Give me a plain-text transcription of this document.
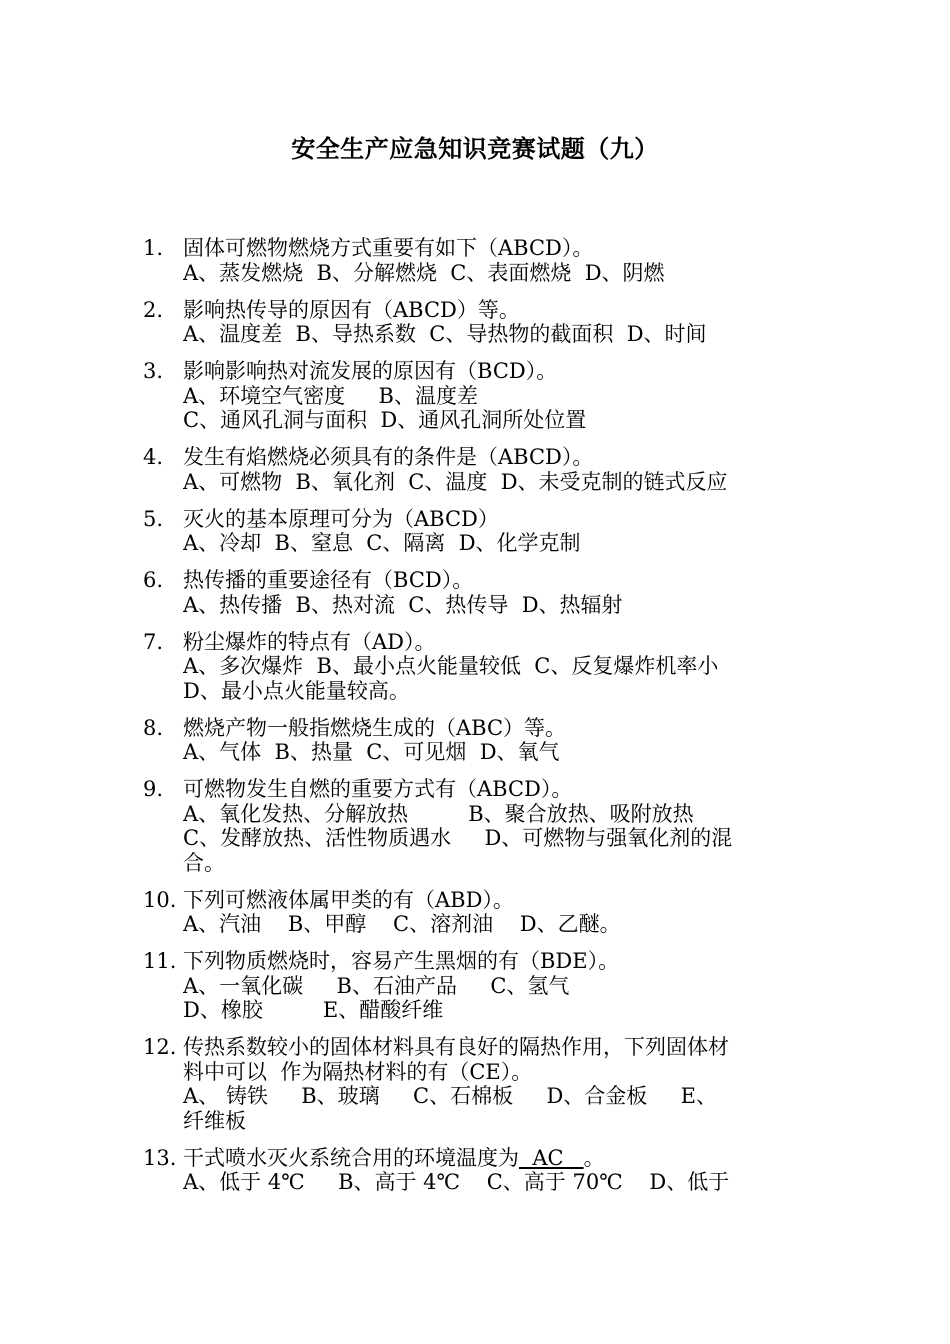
安全生产应急知识竞赛试题（九）
1. 固体可燃物燃烧方式重要有如下（ABCD）。
A、蒸发燃烧  B、分解燃烧  C、表面燃烧  D、阴燃
2. 影响热传导的原因有（ABCD）等。
A、温度差  B、导热系数  C、导热物的截面积  D、时间
3. 影响影响热对流发展的原因有（BCD）。
A、环境空气密度     B、温度差
C、通风孔洞与面积  D、通风孔洞所处位置
4. 发生有焰燃烧必须具有的条件是（ABCD）。
A、可燃物  B、氧化剂  C、温度  D、未受克制的链式反应
5. 灭火的基本原理可分为（ABCD）
A、冷却  B、窒息  C、隔离  D、化学克制
6. 热传播的重要途径有（BCD）。
A、热传播  B、热对流  C、热传导  D、热辐射
7. 粉尘爆炸的特点有（AD）。
A、多次爆炸  B、最小点火能量较低  C、反复爆炸机率小
D、最小点火能量较高。
8. 燃烧产物一般指燃烧生成的（ABC）等。
A、气体  B、热量  C、可见烟  D、氧气
9. 可燃物发生自燃的重要方式有（ABCD）。
A、氧化发热、分解放热         B、聚合放热、吸附放热
C、发酵放热、活性物质遇水     D、可燃物与强氧化剂的混
合。
10. 下列可燃液体属甲类的有（ABD）。
A、汽油    B、甲醇    C、溶剂油    D、乙醚。
11. 下列物质燃烧时，容易产生黑烟的有（BDE）。
A、一氧化碳     B、石油产品     C、氢气
D、橡胶         E、醋酸纤维
12. 传热系数较小的固体材料具有良好的隔热作用，下列固体材
料中可以  作为隔热材料的有（CE）。
A、 铸铁     B、玻璃     C、石棉板     D、合金板     E、
纤维板
13. 干式喷水灭火系统合用的环境温度为  AC   。
A、低于 4℃     B、高于 4℃    C、高于 70℃    D、低于
